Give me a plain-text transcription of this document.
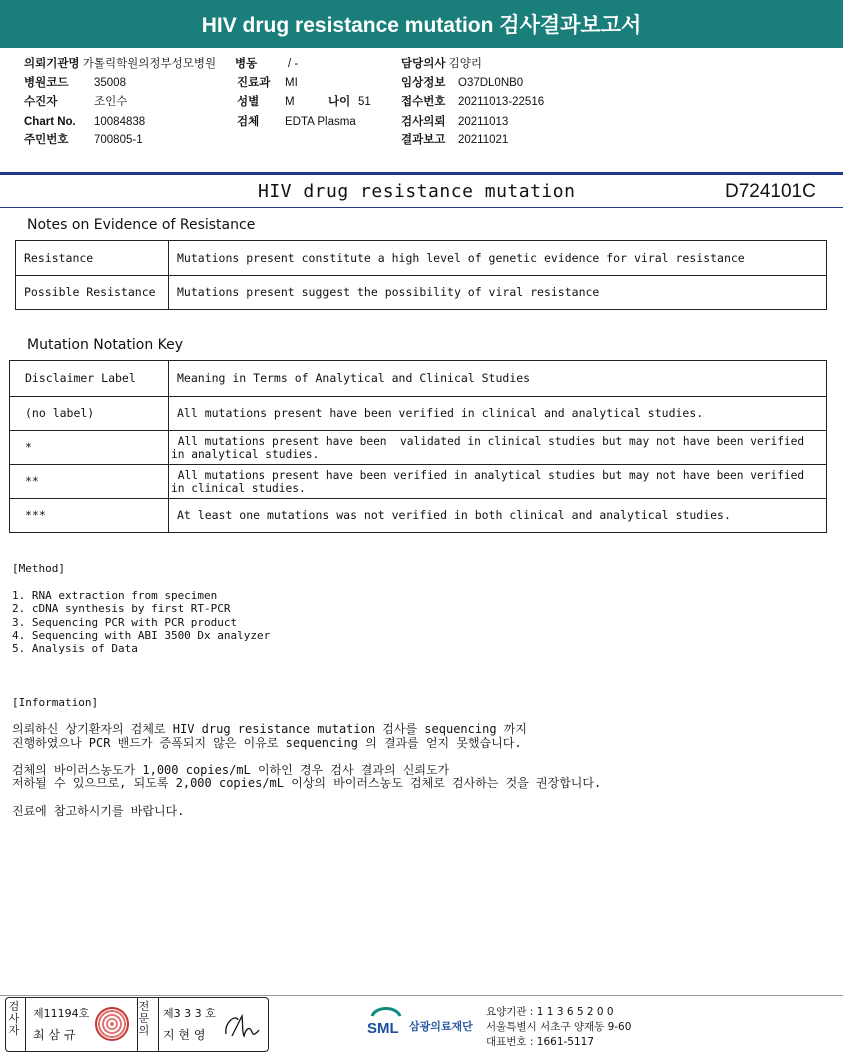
HIV drug resistance mutation 검사결과보고서
의뢰기관명 가톨릭학원의정부성모병원 병동	/ -	담당의사 김양리
병원코드 35008	진료과 MI	임상정보 O37DL0NB0
수진자	조인수	성별 M	나이 51	접수번호 20211013-22516
Chart No. 10084838	검체 EDTA Plasma	검사의뢰 20211013
주민번호 700805-1	결과보고 20211021
HIV drug resistance mutation	D724101C
Notes on Evidence of Resistance
Resistance	Mutations present constitute a high level of genetic evidence for viral resistance
Possible Resistance	Mutations present suggest the possibility of viral resistance
Mutation Notation Key
Disclaimer Label	Meaning in Terms of Analytical and Clinical Studies
(no label)	All mutations present have been verified in clinical and analytical studies.
*	All mutations present have been  validated in clinical studies but may not have been verified
in analytical studies.
**	All mutations present have been verified in analytical studies but may not have been verified
in clinical studies.
***	At least one mutations was not verified in both clinical and analytical studies.
[Method]
1. RNA extraction from specimen
2. cDNA synthesis by first RT-PCR
3. Sequencing PCR with PCR product
4. Sequencing with ABI 3500 Dx analyzer
5. Analysis of Data
[Information]
의뢰하신 상기환자의 검체로 HIV drug resistance mutation 검사를 sequencing 까지
진행하였으나 PCR 밴드가 증폭되지 않은 이유로 sequencing 의 결과를 얻지 못했습니다.
검체의 바이러스농도가 1,000 copies/mL 이하인 경우 검사 결과의 신뢰도가
저하될 수 있으므로, 되도록 2,000 copies/mL 이상의 바이러스농도 검체로 검사하는 것을 권장합니다.
진료에 참고하시기를 바랍니다.
검사자
제11194호
최 삼 규
전문의
제3 3 3 호
지 현 영	SML 삼광의료재단
요양기관 : 1 1 3 6 5 2 0 0
서울특별시 서초구 양재동 9-60
대표번호 : 1661-5117
